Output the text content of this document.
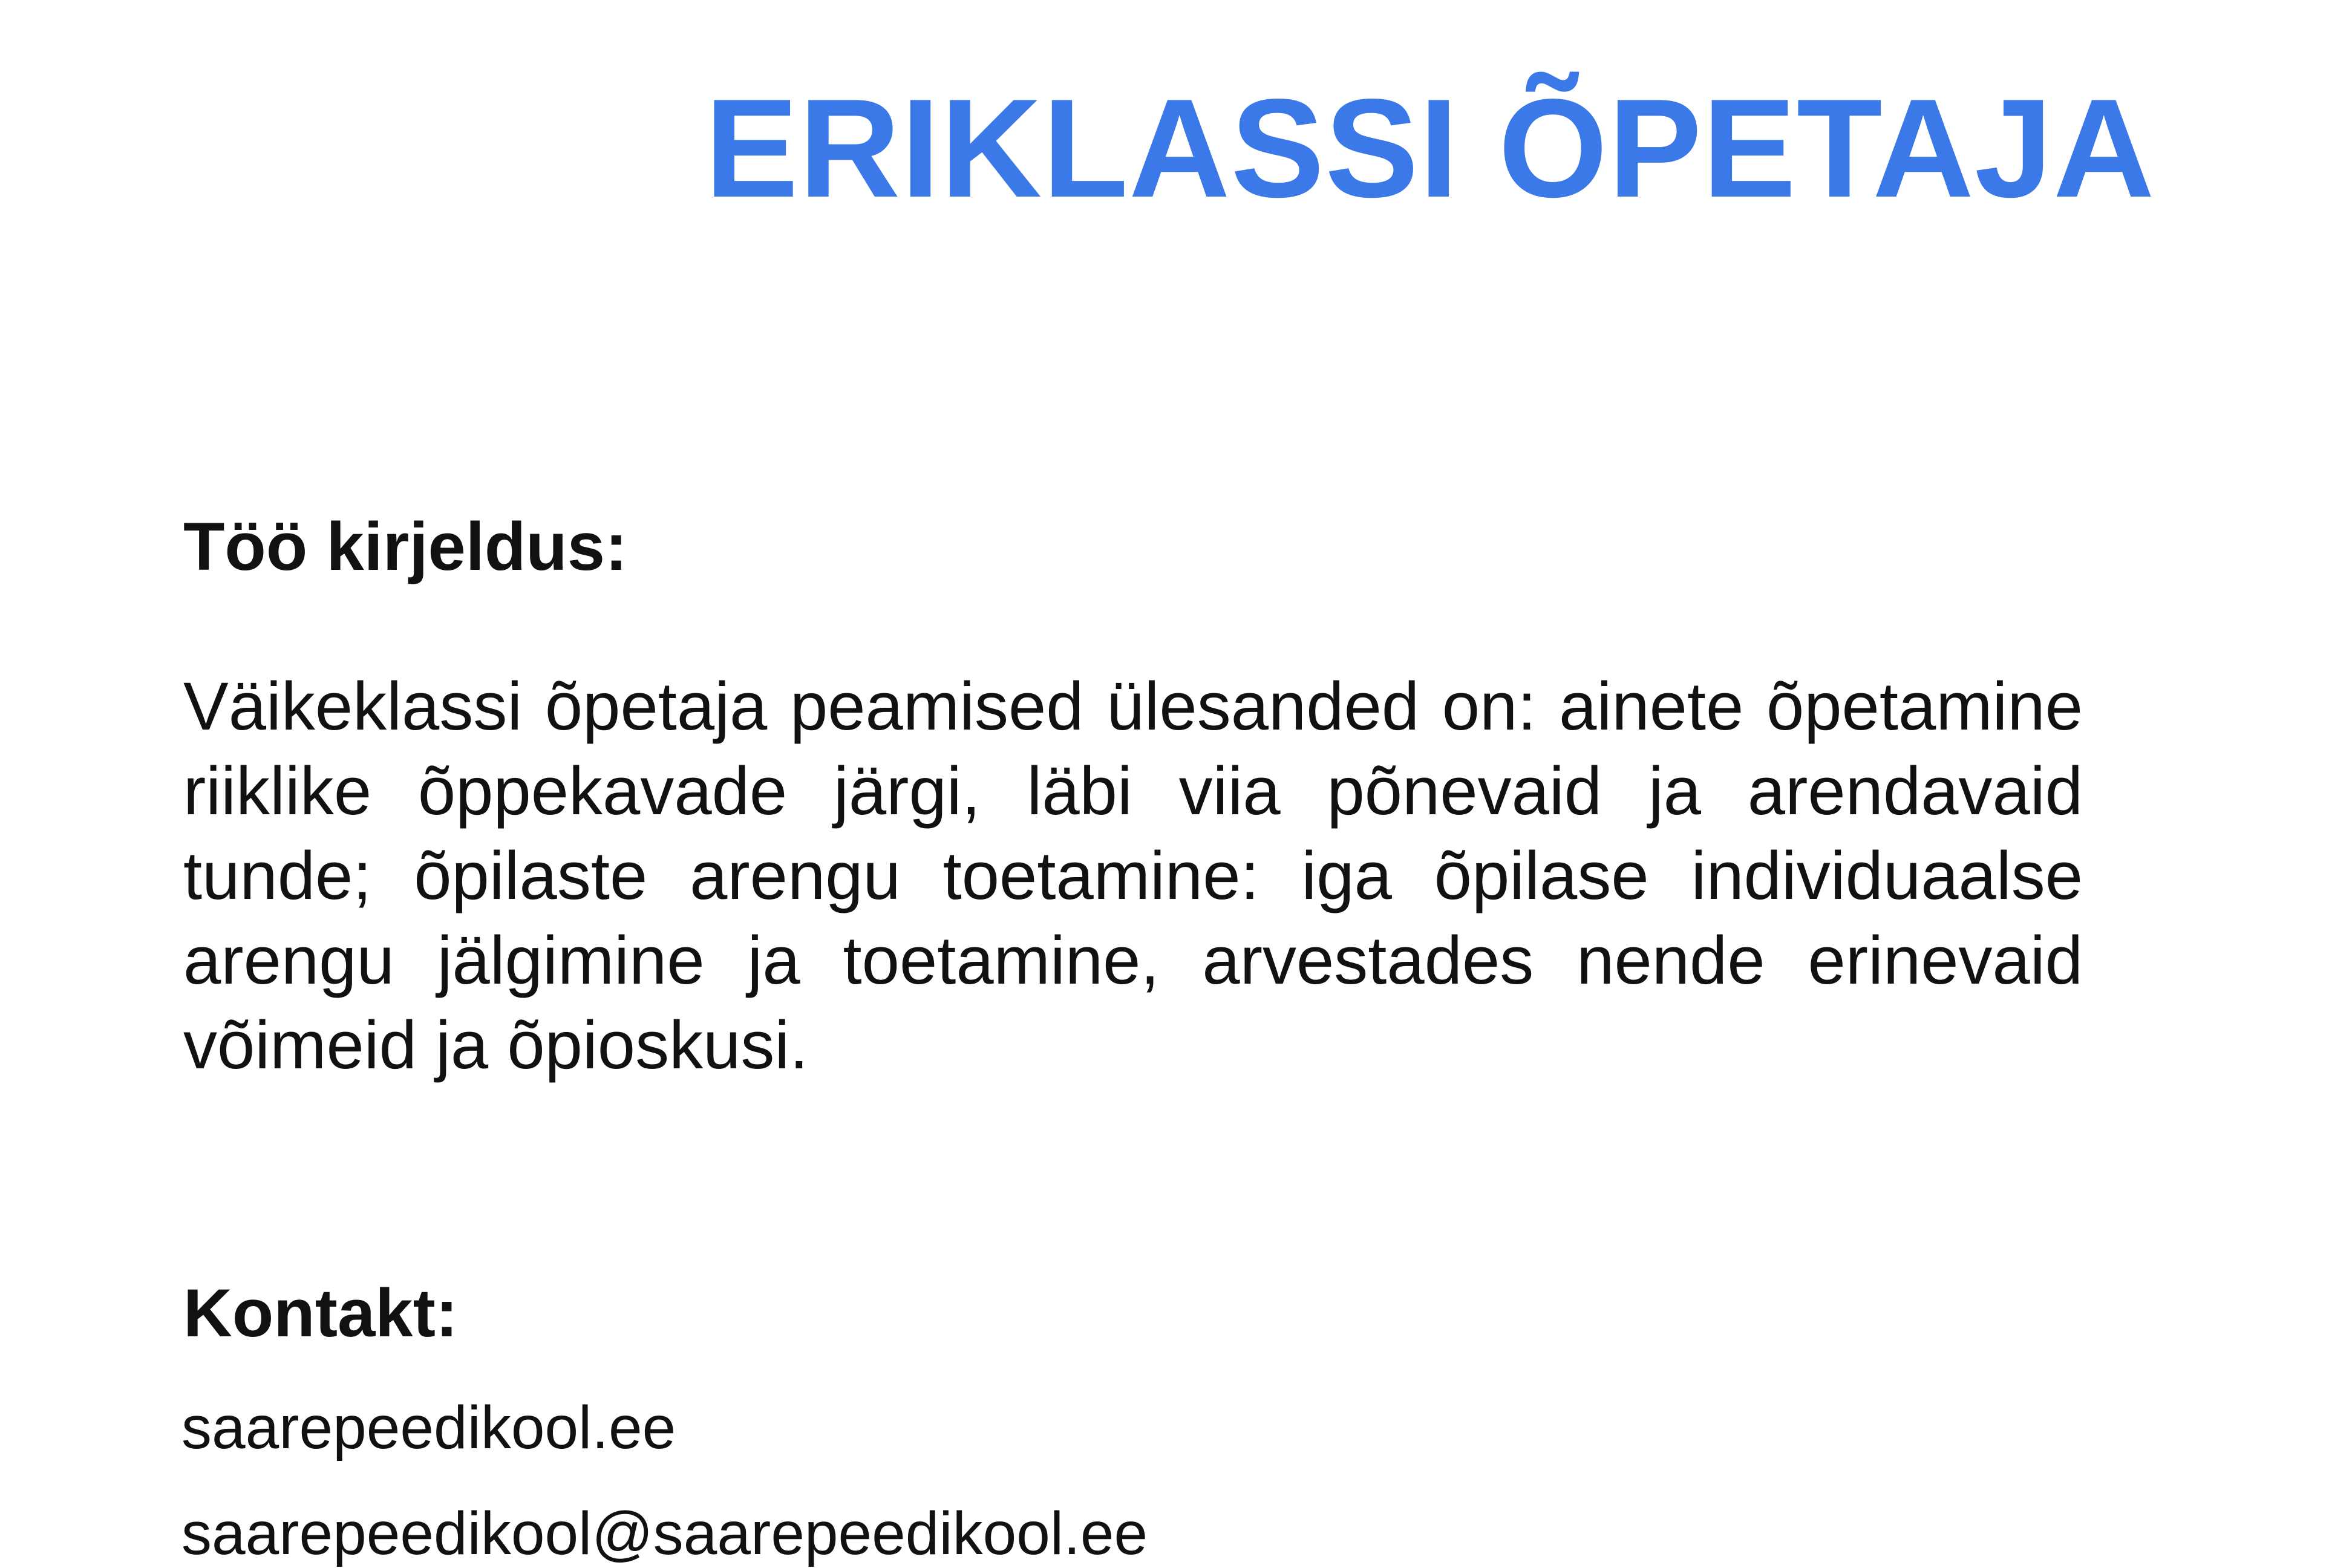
ERIKLASSI ÕPETAJA
Töö kirjeldus:
Väikeklassi õpetaja peamised ülesanded on: ainete õpetamine
riiklike õppekavade järgi, läbi viia põnevaid ja arendavaid
tunde; õpilaste arengu toetamine: iga õpilase individuaalse
arengu jälgimine ja toetamine, arvestades nende erinevaid
võimeid ja õpioskusi.
Kontakt:

saarepeedikool.ee

saarepeedikool@saarepeedikool.ee
